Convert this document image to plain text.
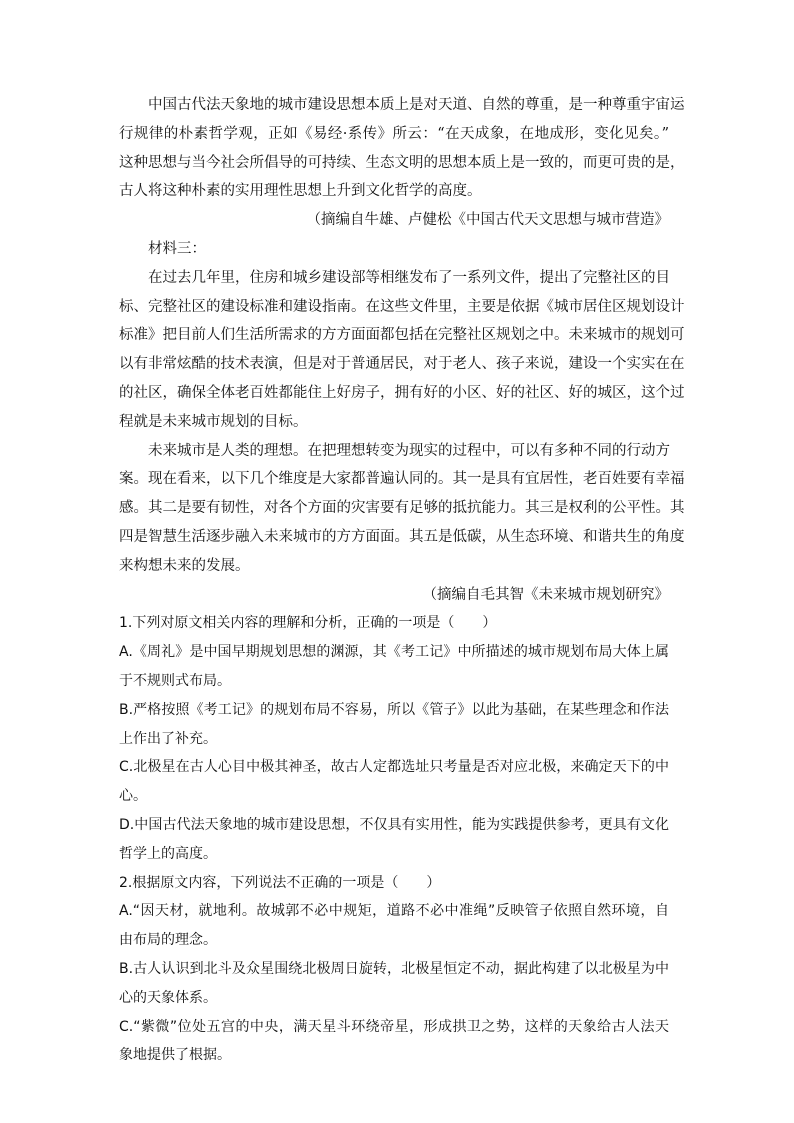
中国古代法天象地的城市建设思想本质上是对天道、自然的尊重，是一种尊重宇宙运
行规律的朴素哲学观，正如《易经·系传》所云：“在天成象，在地成形，变化见矣。”
这种思想与当今社会所倡导的可持续、生态文明的思想本质上是一致的，而更可贵的是，
古人将这种朴素的实用理性思想上升到文化哲学的高度。
（摘编自牛雄、卢健松《中国古代天文思想与城市营造》
材料三：
在过去几年里，住房和城乡建设部等相继发布了一系列文件，提出了完整社区的目
标、完整社区的建设标准和建设指南。在这些文件里，主要是依据《城市居住区规划设计
标准》把目前人们生活所需求的方方面面都包括在完整社区规划之中。未来城市的规划可
以有非常炫酷的技术表演，但是对于普通居民，对于老人、孩子来说，建设一个实实在在
的社区，确保全体老百姓都能住上好房子，拥有好的小区、好的社区、好的城区，这个过
程就是未来城市规划的目标。
未来城市是人类的理想。在把理想转变为现实的过程中，可以有多种不同的行动方
案。现在看来，以下几个维度是大家都普遍认同的。其一是具有宜居性，老百姓要有幸福
感。其二是要有韧性，对各个方面的灾害要有足够的抵抗能力。其三是权利的公平性。其
四是智慧生活逐步融入未来城市的方方面面。其五是低碳，从生态环境、和谐共生的角度
来构想未来的发展。
（摘编自毛其智《未来城市规划研究》
1.下列对原文相关内容的理解和分析，正确的一项是（　　）
A.《周礼》是中国早期规划思想的渊源，其《考工记》中所描述的城市规划布局大体上属
于不规则式布局。
B.严格按照《考工记》的规划布局不容易，所以《管子》以此为基础，在某些理念和作法
上作出了补充。
C.北极星在古人心目中极其神圣，故古人定都选址只考量是否对应北极，来确定天下的中
心。
D.中国古代法天象地的城市建设思想，不仅具有实用性，能为实践提供参考，更具有文化
哲学上的高度。
2.根据原文内容，下列说法不正确的一项是（　　）
A.“因天材，就地利。故城郭不必中规矩，道路不必中准绳”反映管子依照自然环境，自
由布局的理念。
B.古人认识到北斗及众星围绕北极周日旋转，北极星恒定不动，据此构建了以北极星为中
心的天象体系。
C.“紫微”位处五宫的中央，满天星斗环绕帝星，形成拱卫之势，这样的天象给古人法天
象地提供了根据。
